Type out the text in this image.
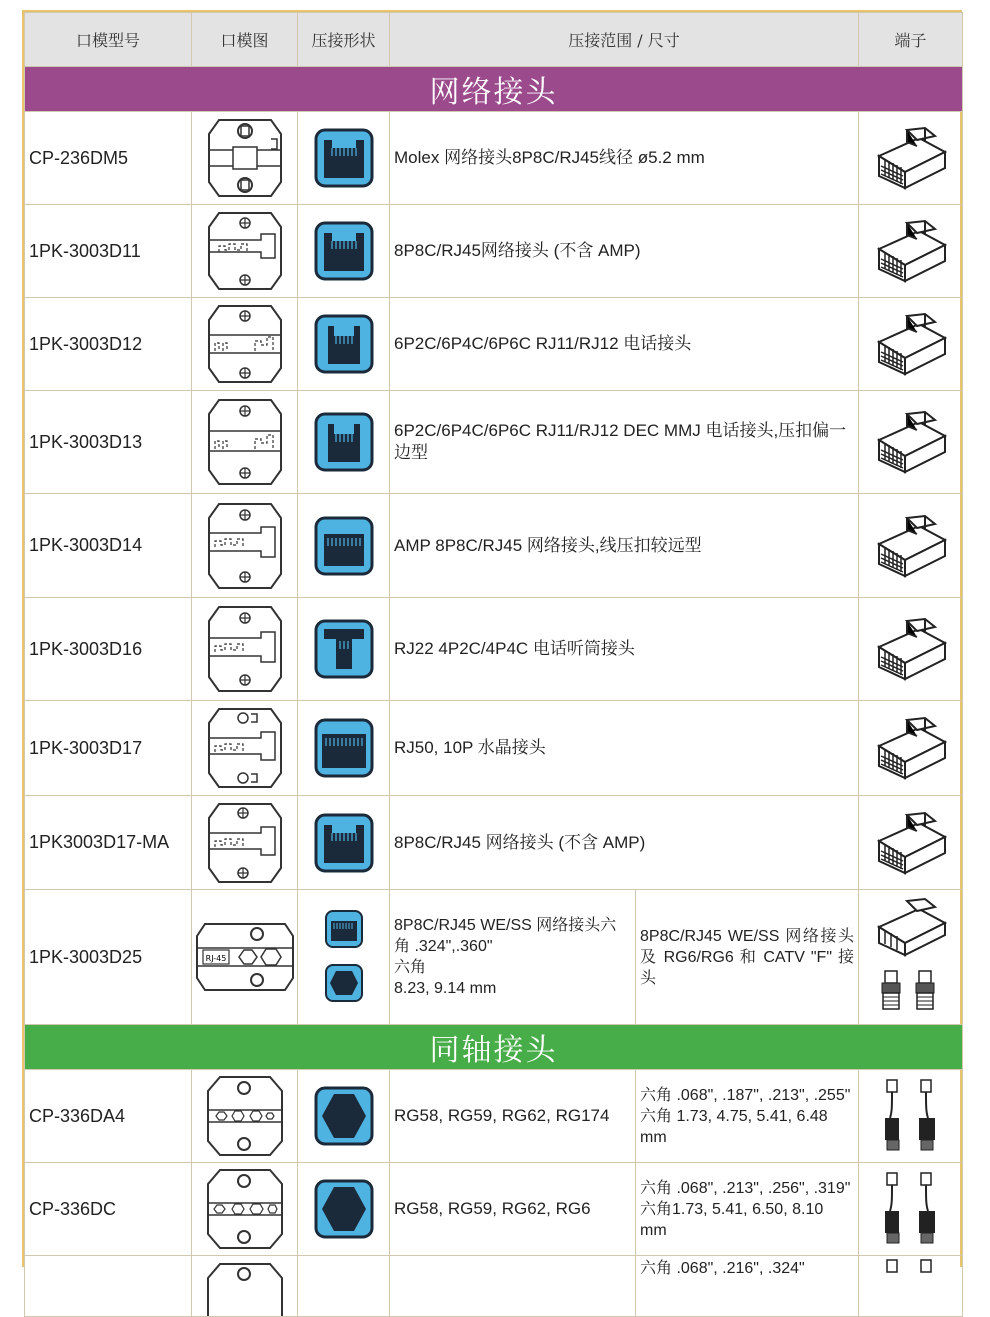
口模型号	口模图	压接形状	压接范围 / 尺寸		端子
网络接头					
CP-236DM5			Molex 网络接头8P8C/RJ45线径 ø5.2 mm	

1PK-3003D11			8P8C/RJ45网络接头 (不含 AMP)	

1PK-3003D12			6P2C/6P4C/6P6C RJ11/RJ12 电话接头	

1PK-3003D13			6P2C/6P4C/6P6C RJ11/RJ12 DEC MMJ 电话接头,压扣偏一边型	

1PK-3003D14			AMP 8P8C/RJ45 网络接头,线压扣较远型	

1PK-3003D16			RJ22 4P2C/4P4C 电话听筒接头	

1PK-3003D17			RJ50, 10P 水晶接头	

1PK3003D17-MA			8P8C/RJ45 网络接头 (不含 AMP)	

1PK-3003D25	RJ-45		8P8C/RJ45 WE/SS 网络接头六角 .324",.360"
六角
8.23, 9.14 mm	8P8C/RJ45 WE/SS 网络接头及 RG6/RG6 和 CATV "F" 接头	

同轴接头					
CP-336DA4			RG58, RG59, RG62, RG174	六角 .068", .187", .213", .255"
六角 1.73, 4.75, 5.41, 6.48 mm

CP-336DC			RG58, RG59, RG62, RG6	六角 .068", .213", .256", .319"
六角1.73, 5.41, 6.50, 8.10 mm

六角 .068", .216", .324"
